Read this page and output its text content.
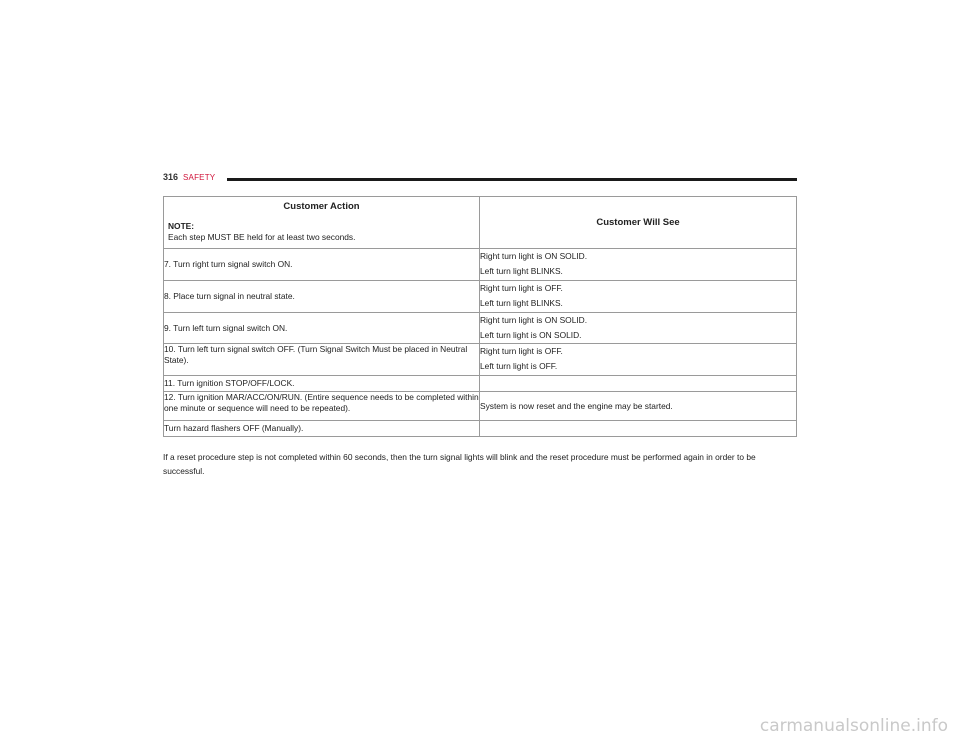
316 SAFETY
Customer Action
NOTE:
Each step MUST BE held for at least two seconds.	Customer Will See
7. Turn right turn signal switch ON.	Right turn light is ON SOLID.
Left turn light BLINKS.

8. Place turn signal in neutral state.	Right turn light is OFF.
Left turn light BLINKS.

9. Turn left turn signal switch ON.	Right turn light is ON SOLID.
Left turn light is ON SOLID.

10. Turn left turn signal switch OFF. (Turn Signal Switch Must be placed in Neutral State).	Right turn light is OFF.
Left turn light is OFF.

11. Turn ignition STOP/OFF/LOCK.	
12. Turn ignition MAR/ACC/ON/RUN. (Entire sequence needs to be completed within one minute or sequence will need to be repeated).	System is now reset and the engine may be started.
Turn hazard flashers OFF (Manually).	
If a reset procedure step is not completed within 60 seconds, then the turn signal lights will blink and the reset procedure must be performed again in order to be successful.
carmanualsonline.info
